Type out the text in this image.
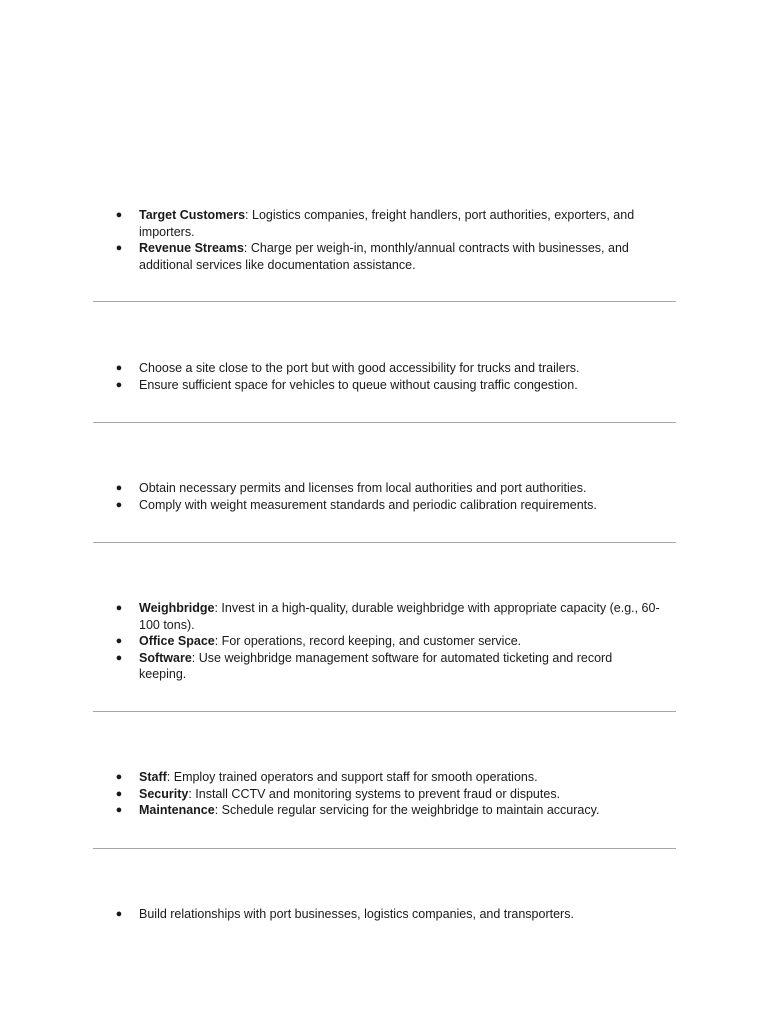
● Target Customers: Logistics companies, freight handlers, port authorities, exporters, and importers.
● Revenue Streams: Charge per weigh-in, monthly/annual contracts with businesses, and additional services like documentation assistance.
● Choose a site close to the port but with good accessibility for trucks and trailers.
● Ensure sufficient space for vehicles to queue without causing traffic congestion.
● Obtain necessary permits and licenses from local authorities and port authorities.
● Comply with weight measurement standards and periodic calibration requirements.
● Weighbridge: Invest in a high-quality, durable weighbridge with appropriate capacity (e.g., 60-100 tons).
● Office Space: For operations, record keeping, and customer service.
● Software: Use weighbridge management software for automated ticketing and record keeping.
● Staff: Employ trained operators and support staff for smooth operations.
● Security: Install CCTV and monitoring systems to prevent fraud or disputes.
● Maintenance: Schedule regular servicing for the weighbridge to maintain accuracy.
● Build relationships with port businesses, logistics companies, and transporters.
